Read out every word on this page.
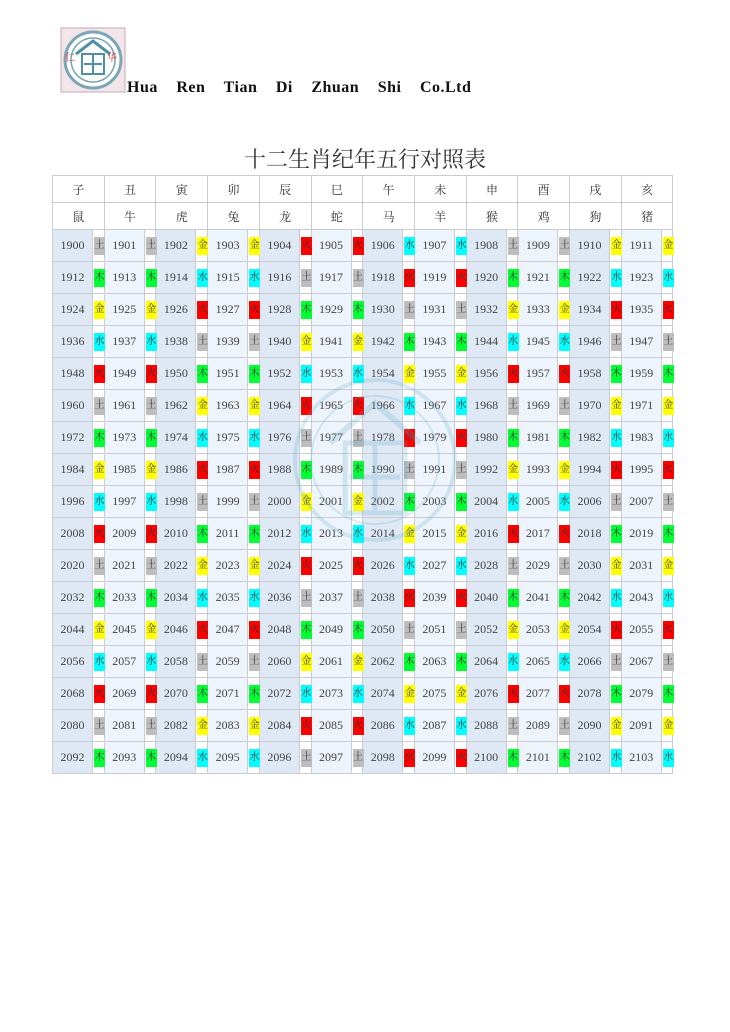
仁	华
Hua Ren Tian Di Zhuan Shi Co.Ltd
十二生肖纪年五行对照表
子		丑		寅		卯		辰		巳		午		未		申		酉		戌		亥	
鼠		牛		虎		兔		龙		蛇		马		羊		猴		鸡		狗		猪	
1900	土	1901	土	1902	金	1903	金	1904	火	1905	火	1906	水	1907	水	1908	土	1909	土	1910	金	1911	金
1912	木	1913	木	1914	水	1915	水	1916	土	1917	土	1918	火	1919	火	1920	木	1921	木	1922	水	1923	水
1924	金	1925	金	1926	火	1927	火	1928	木	1929	木	1930	土	1931	土	1932	金	1933	金	1934	火	1935	火
1936	水	1937	水	1938	土	1939	土	1940	金	1941	金	1942	木	1943	木	1944	水	1945	水	1946	土	1947	土
1948	火	1949	火	1950	木	1951	木	1952	水	1953	水	1954	金	1955	金	1956	火	1957	火	1958	木	1959	木
1960	土	1961	土	1962	金	1963	金	1964	火	1965	火	1966	水	1967	水	1968	土	1969	土	1970	金	1971	金
1972	木	1973	木	1974	水	1975	水	1976	土	1977	土	1978	火	1979	火	1980	木	1981	木	1982	水	1983	水
1984	金	1985	金	1986	火	1987	火	1988	木	1989	木	1990	土	1991	土	1992	金	1993	金	1994	火	1995	火
1996	水	1997	水	1998	土	1999	土	2000	金	2001	金	2002	木	2003	木	2004	水	2005	水	2006	土	2007	土
2008	火	2009	火	2010	木	2011	木	2012	水	2013	水	2014	金	2015	金	2016	火	2017	火	2018	木	2019	木
2020	土	2021	土	2022	金	2023	金	2024	火	2025	火	2026	水	2027	水	2028	土	2029	土	2030	金	2031	金
2032	木	2033	木	2034	水	2035	水	2036	土	2037	土	2038	火	2039	火	2040	木	2041	木	2042	水	2043	水
2044	金	2045	金	2046	火	2047	火	2048	木	2049	木	2050	土	2051	土	2052	金	2053	金	2054	火	2055	火
2056	水	2057	水	2058	土	2059	土	2060	金	2061	金	2062	木	2063	木	2064	水	2065	水	2066	土	2067	土
2068	火	2069	火	2070	木	2071	木	2072	水	2073	水	2074	金	2075	金	2076	火	2077	火	2078	木	2079	木
2080	土	2081	土	2082	金	2083	金	2084	火	2085	火	2086	水	2087	水	2088	土	2089	土	2090	金	2091	金
2092	木	2093	木	2094	水	2095	水	2096	土	2097	土	2098	火	2099	火	2100	木	2101	木	2102	水	2103	水
